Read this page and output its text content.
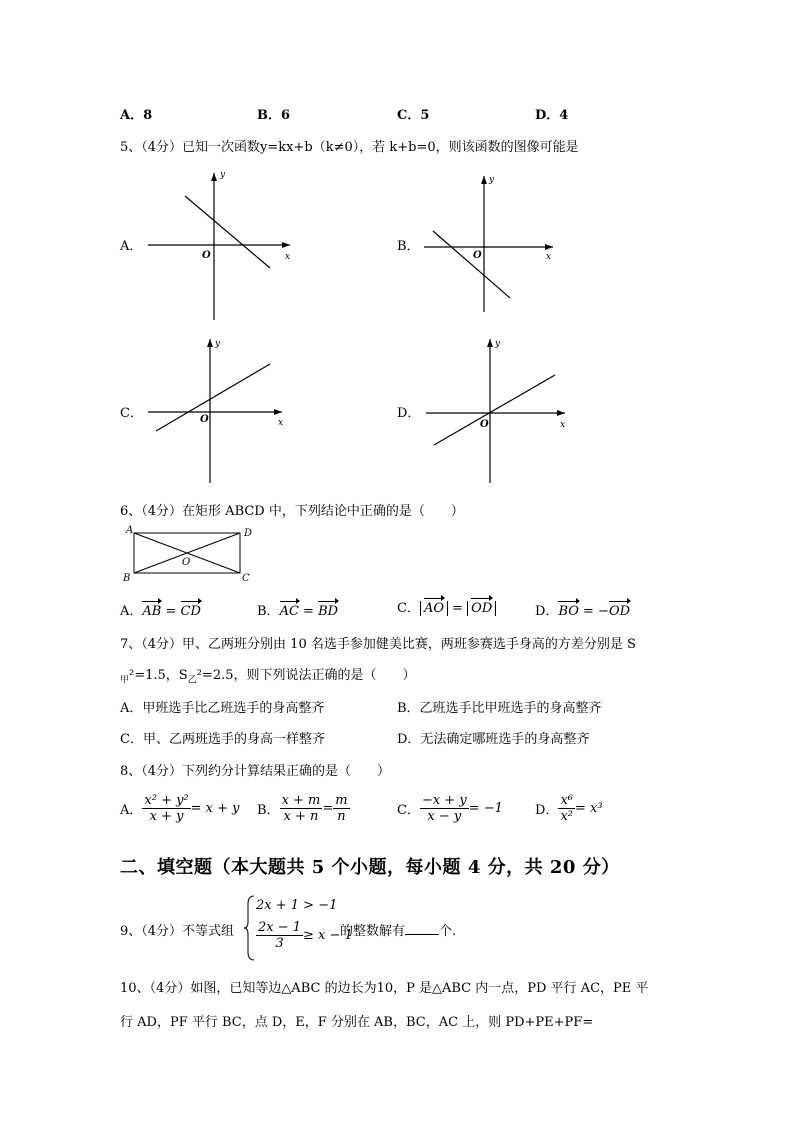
A．8	B．6	C．5	D．4
5、（4分）已知一次函数y=kx+b（k≠0），若 k+b=0，则该函数的图像可能是
A．
y
x
O
B．
y
x
O
C．
y
x
O	D．
y
x
O
6、（4分）在矩形 ABCD 中，下列结论中正确的是（　　）
A	D
B	C
O
A．AB = CD	B．AC = BD	C． AO = OD	D．BO = −OD
7、（4分）甲、乙两班分别由 10 名选手参加健美比赛，两班参赛选手身高的方差分别是 S
$_甲$²=1.5，$S_乙^2=2.5$，则下列说法正确的是（　　）
A．甲班选手比乙班选手的身高整齐	B．乙班选手比甲班选手的身高整齐
C．甲、乙两班选手的身高一样整齐	D．无法确定哪班选手的身高整齐
8、（4分）下列约分计算结果正确的是（　　）
A． $\frac{\text{x² + y²}}{x + y} = x + y$ B． $\frac{x + m}{x + n} = \frac{m}{n}$	C． $\frac{-x + y}{x - y} = -1$ D． $\frac{\text{x⁶}}{\text{x²}} = x^3$
二、填空题（本大题共 5 个小题，每小题 4 分，共 20 分）
9、（4分）不等式组
2x + 1 > −1
$\frac{2x - 1}{3} \ge x - 1$
的整数解有	个.
10、（4分）如图，已知等边△ABC 的边长为10，P 是△ABC 内一点，PD 平行 AC，PE 平
行 AD，PF 平行 BC，点 D，E，F 分别在 AB，BC，AC 上，则 PD+PE+PF=
